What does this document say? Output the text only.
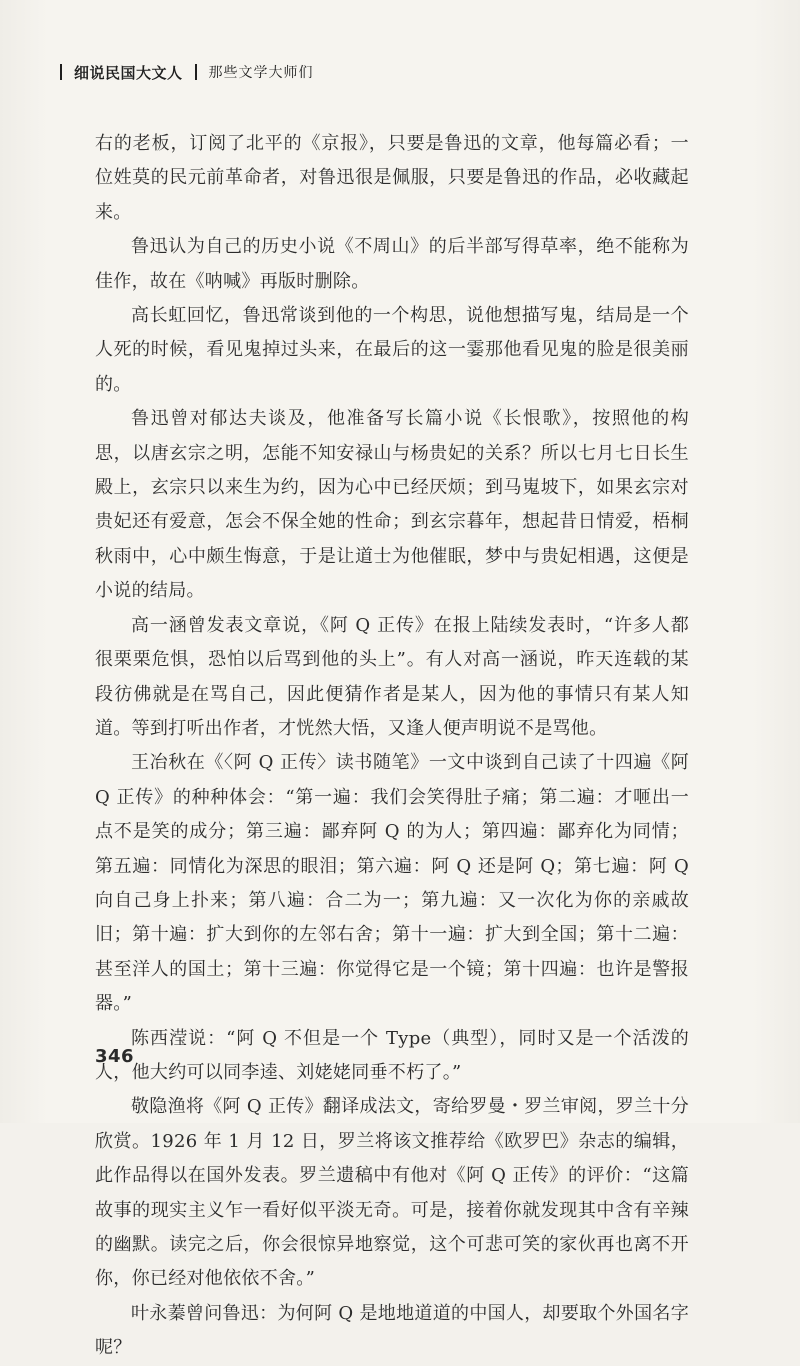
细说民国大文人 那些文学大师们

右的老板，订阅了北平的《京报》，只要是鲁迅的文章，他每篇必看；一位姓莫的民元前革命者，对鲁迅很是佩服，只要是鲁迅的作品，必收藏起来。

鲁迅认为自己的历史小说《不周山》的后半部写得草率，绝不能称为佳作，故在《呐喊》再版时删除。

高长虹回忆，鲁迅常谈到他的一个构思，说他想描写鬼，结局是一个人死的时候，看见鬼掉过头来，在最后的这一霎那他看见鬼的脸是很美丽的。

鲁迅曾对郁达夫谈及，他准备写长篇小说《长恨歌》，按照他的构思，以唐玄宗之明，怎能不知安禄山与杨贵妃的关系？所以七月七日长生殿上，玄宗只以来生为约，因为心中已经厌烦；到马嵬坡下，如果玄宗对贵妃还有爱意，怎会不保全她的性命；到玄宗暮年，想起昔日情爱，梧桐秋雨中，心中颇生悔意，于是让道士为他催眠，梦中与贵妃相遇，这便是小说的结局。

高一涵曾发表文章说，《阿 Q 正传》在报上陆续发表时，“许多人都很栗栗危惧，恐怕以后骂到他的头上”。有人对高一涵说，昨天连载的某段彷佛就是在骂自己，因此便猜作者是某人，因为他的事情只有某人知道。等到打听出作者，才恍然大悟，又逢人便声明说不是骂他。

王冶秋在《〈阿 Q 正传〉读书随笔》一文中谈到自己读了十四遍《阿 Q 正传》的种种体会：“第一遍：我们会笑得肚子痛；第二遍：才咂出一点不是笑的成分；第三遍：鄙弃阿 Q 的为人；第四遍：鄙弃化为同情；第五遍：同情化为深思的眼泪；第六遍：阿 Q 还是阿 Q；第七遍：阿 Q 向自己身上扑来；第八遍：合二为一；第九遍：又一次化为你的亲戚故旧；第十遍：扩大到你的左邻右舍；第十一遍：扩大到全国；第十二遍：甚至洋人的国土；第十三遍：你觉得它是一个镜；第十四遍：也许是警报器。”

陈西滢说：“阿 Q 不但是一个 Type（典型），同时又是一个活泼的人，他大约可以同李逵、刘姥姥同垂不朽了。”

敬隐渔将《阿 Q 正传》翻译成法文，寄给罗曼・罗兰审阅，罗兰十分欣赏。1926 年 1 月 12 日，罗兰将该文推荐给《欧罗巴》杂志的编辑，此作品得以在国外发表。罗兰遗稿中有他对《阿 Q 正传》的评价：“这篇故事的现实主义乍一看好似平淡无奇。可是，接着你就发现其中含有辛辣的幽默。读完之后，你会很惊异地察觉，这个可悲可笑的家伙再也离不开你，你已经对他依依不舍。”

叶永蓁曾问鲁迅：为何阿 Q 是地地道道的中国人，却要取个外国名字呢？

346
